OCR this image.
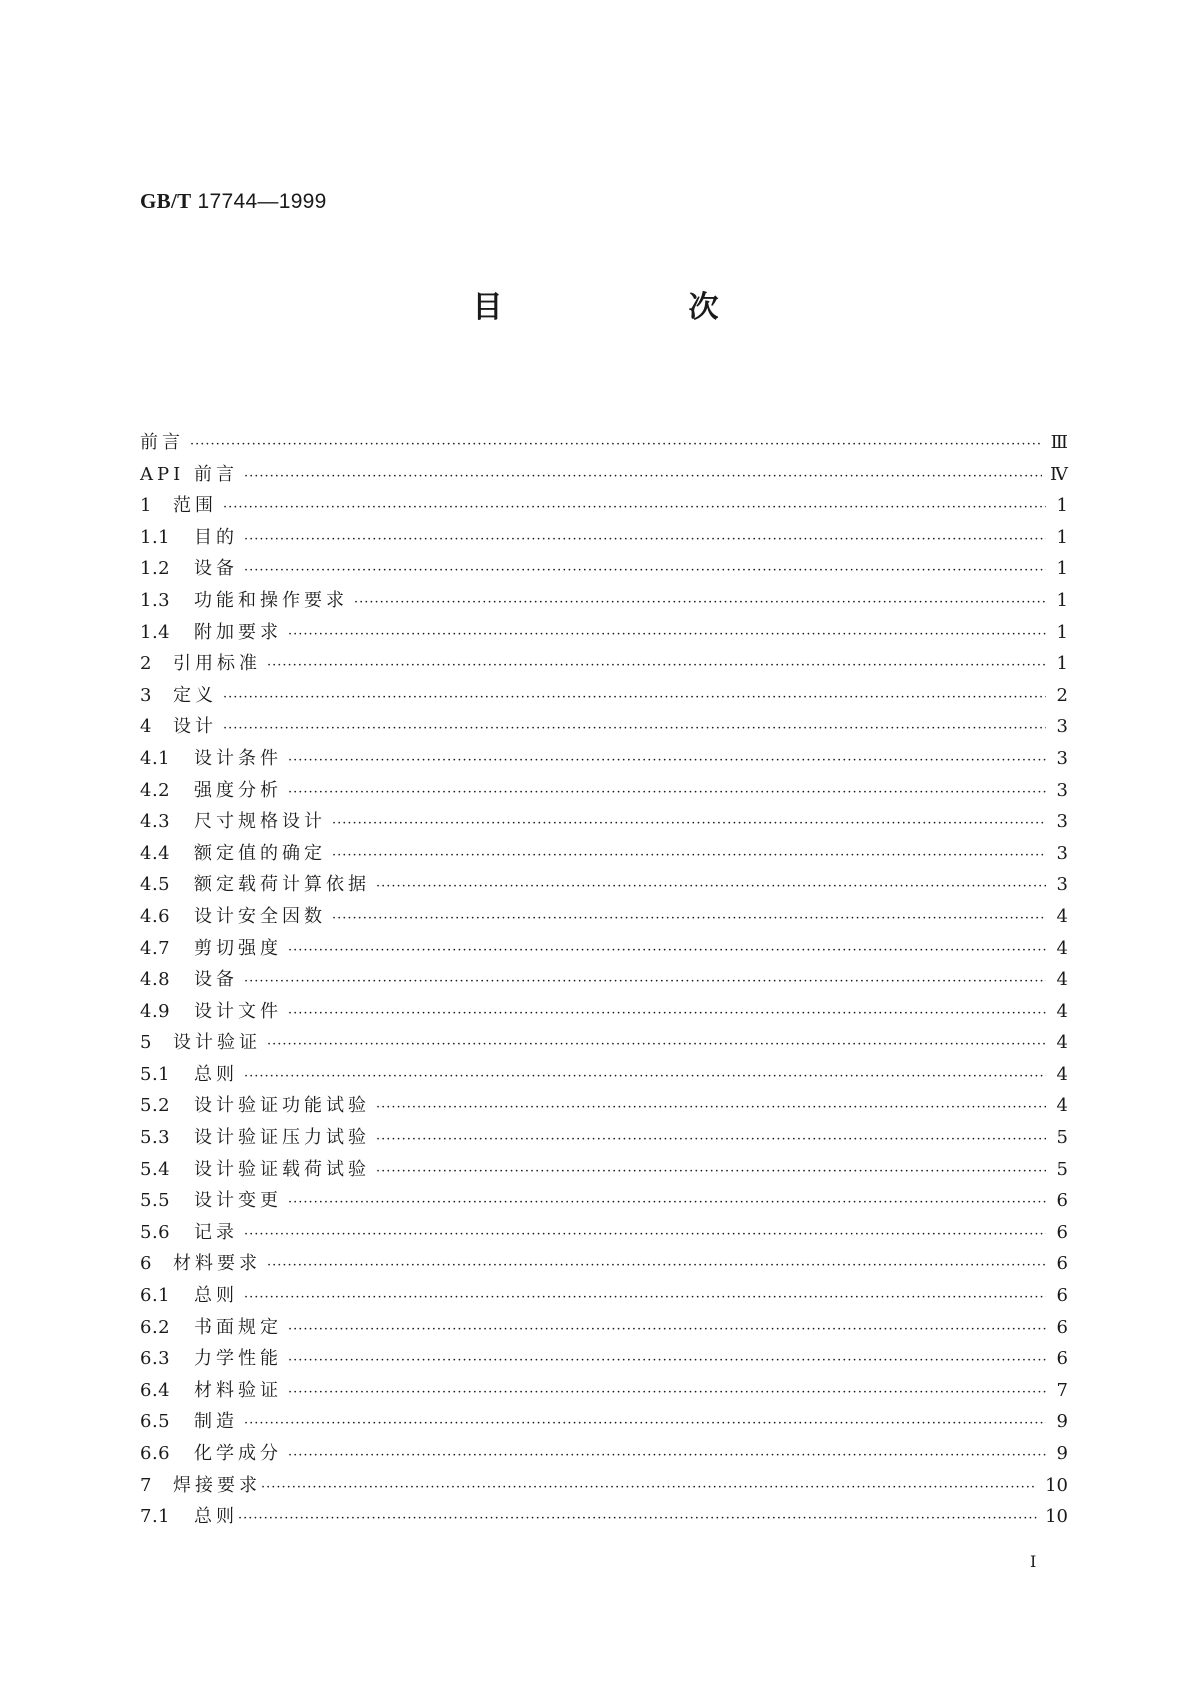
GB/T 17744—1999
目　次
前言 ·····	Ⅲ
API 前言 ·····	Ⅳ
1	范围 ·····	1
1.1	目的 ·····	1
1.2	设备 ·····	1
1.3	功能和操作要求 ·····	1
1.4	附加要求 ·····	1
2	引用标准 ·····	1
3	定义 ·····	2
4	设计 ·····	3
4.1	设计条件 ·····	3
4.2	强度分析 ·····	3
4.3	尺寸规格设计 ·····	3
4.4	额定值的确定 ·····	3
4.5	额定载荷计算依据 ·····	3
4.6	设计安全因数 ·····	4
4.7	剪切强度 ·····	4
4.8	设备 ·····	4
4.9	设计文件 ·····	4
5	设计验证 ·····	4
5.1	总则 ·····	4
5.2	设计验证功能试验 ·····	4
5.3	设计验证压力试验 ·····	5
5.4	设计验证载荷试验 ·····	5
5.5	设计变更 ·····	6
5.6	记录 ·····	6
6	材料要求 ·····	6
6.1	总则 ·····	6
6.2	书面规定 ·····	6
6.3	力学性能 ·····	6
6.4	材料验证 ·····	7
6.5	制造 ·····	9
6.6	化学成分 ·····	9
7	焊接要求 ·····	10
7.1	总则 ·····	10
Ⅰ
